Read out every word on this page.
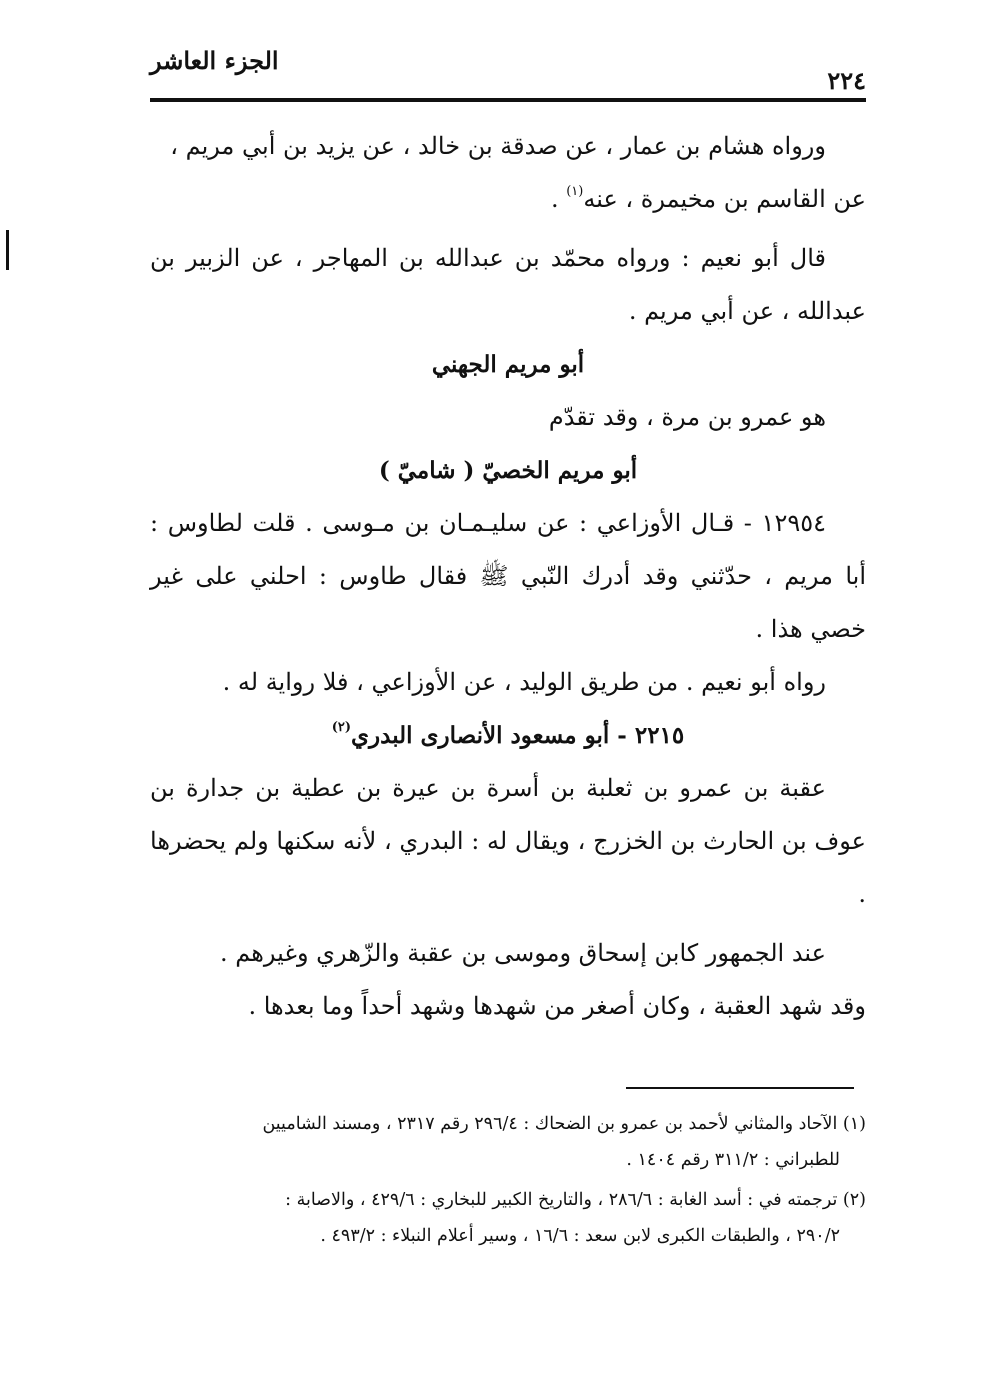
٢٢٤
الجزء العاشر

ورواه هشام بن عمار ، عن صدقة بن خالد ، عن يزيد بن أبي مريم ،

عن القاسم بن مخيمرة ، عنه$^{(١)}$ .

قال أبو نعيم : ورواه محمّد بن عبدالله بن المهاجر ، عن الزبير بن عبدالله ، عن أبي مريم .

أبو مريم الجهني

هو عمرو بن مرة ، وقد تقدّم

أبو مريم الخصيّ ( شاميّ )

١٢٩٥٤ - قـال الأوزاعي : عن سليـمـان بن مـوسى . قلت لطاوس : أبا مريم ، حدّثني وقد أدرك النّبي ﷺ فقال طاوس : احلني على غير خصي هذا .

رواه أبو نعيم . من طريق الوليد ، عن الأوزاعي ، فلا رواية له .

٢٢١٥ - أبو مسعود الأنصارى البدري$^{(٢)}$

عقبة بن عمرو بن ثعلبة بن أسرة بن عيرة بن عطية بن جدارة بن عوف بن الحارث بن الخزرج ، ويقال له : البدري ، لأنه سكنها ولم يحضرها .

عند الجمهور كابن إسحاق وموسى بن عقبة والزّهري وغيرهم .

وقد شهد العقبة ، وكان أصغر من شهدها وشهد أحداً وما بعدها .

(١) الآحاد والمثاني لأحمد بن عمرو بن الضحاك : ٢٩٦/٤ رقم ٢٣١٧ ، ومسند الشاميين

للطبراني : ٣١١/٢ رقم ١٤٠٤ .

(٢) ترجمته في : أسد الغابة : ٢٨٦/٦ ، والتاريخ الكبير للبخاري : ٤٢٩/٦ ، والاصابة :

٢٩٠/٢ ، والطبقات الكبرى لابن سعد : ١٦/٦ ، وسير أعلام النبلاء : ٤٩٣/٢ .
